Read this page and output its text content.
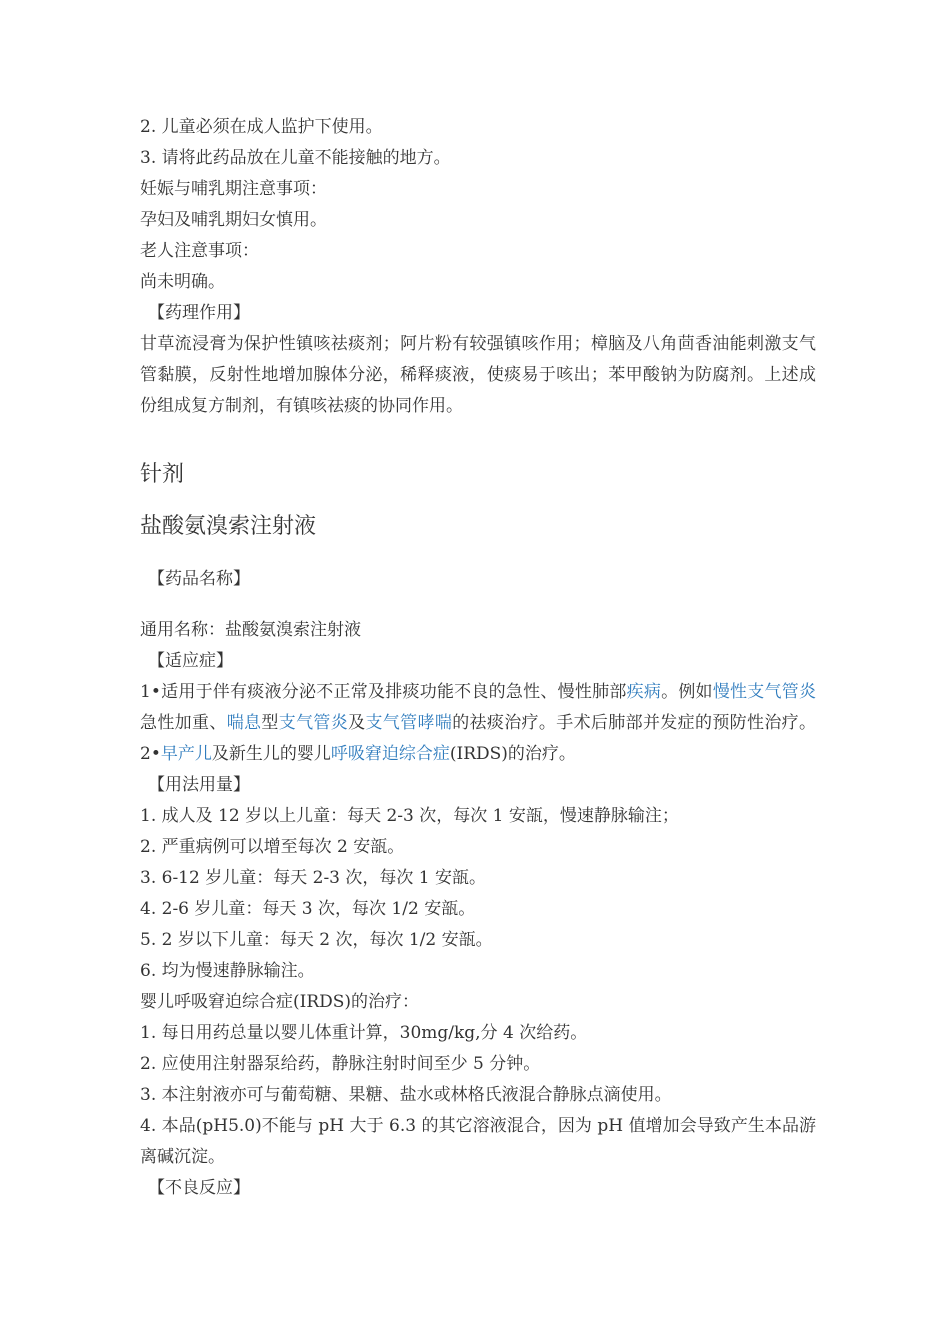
2. 儿童必须在成人监护下使用。
3. 请将此药品放在儿童不能接触的地方。
妊娠与哺乳期注意事项：
孕妇及哺乳期妇女慎用。
老人注意事项：
尚未明确。
【药理作用】
甘草流浸膏为保护性镇咳祛痰剂；阿片粉有较强镇咳作用；樟脑及八角茴香油能刺激支气管黏膜，反射性地增加腺体分泌，稀释痰液，使痰易于咳出；苯甲酸钠为防腐剂。上述成份组成复方制剂，有镇咳祛痰的协同作用。
针剂
盐酸氨溴索注射液
【药品名称】
通用名称：盐酸氨溴索注射液
【适应症】
1•适用于伴有痰液分泌不正常及排痰功能不良的急性、慢性肺部疾病。例如慢性支气管炎急性加重、喘息型支气管炎及支气管哮喘的祛痰治疗。手术后肺部并发症的预防性治疗。2•早产儿及新生儿的婴儿呼吸窘迫综合症(IRDS)的治疗。
【用法用量】
1. 成人及 12 岁以上儿童：每天 2-3 次，每次 1 安瓿，慢速静脉输注；
2. 严重病例可以增至每次 2 安瓿。
3. 6-12 岁儿童：每天 2-3 次，每次 1 安瓿。
4. 2-6 岁儿童：每天 3 次，每次 1/2 安瓿。
5. 2 岁以下儿童：每天 2 次，每次 1/2 安瓿。
6. 均为慢速静脉输注。
婴儿呼吸窘迫综合症(IRDS)的治疗：
1. 每日用药总量以婴儿体重计算，30mg/kg,分 4 次给药。
2. 应使用注射器泵给药，静脉注射时间至少 5 分钟。
3. 本注射液亦可与葡萄糖、果糖、盐水或林格氏液混合静脉点滴使用。
4. 本品(pH5.0)不能与 pH 大于 6.3 的其它溶液混合，因为 pH 值增加会导致产生本品游离碱沉淀。
【不良反应】
